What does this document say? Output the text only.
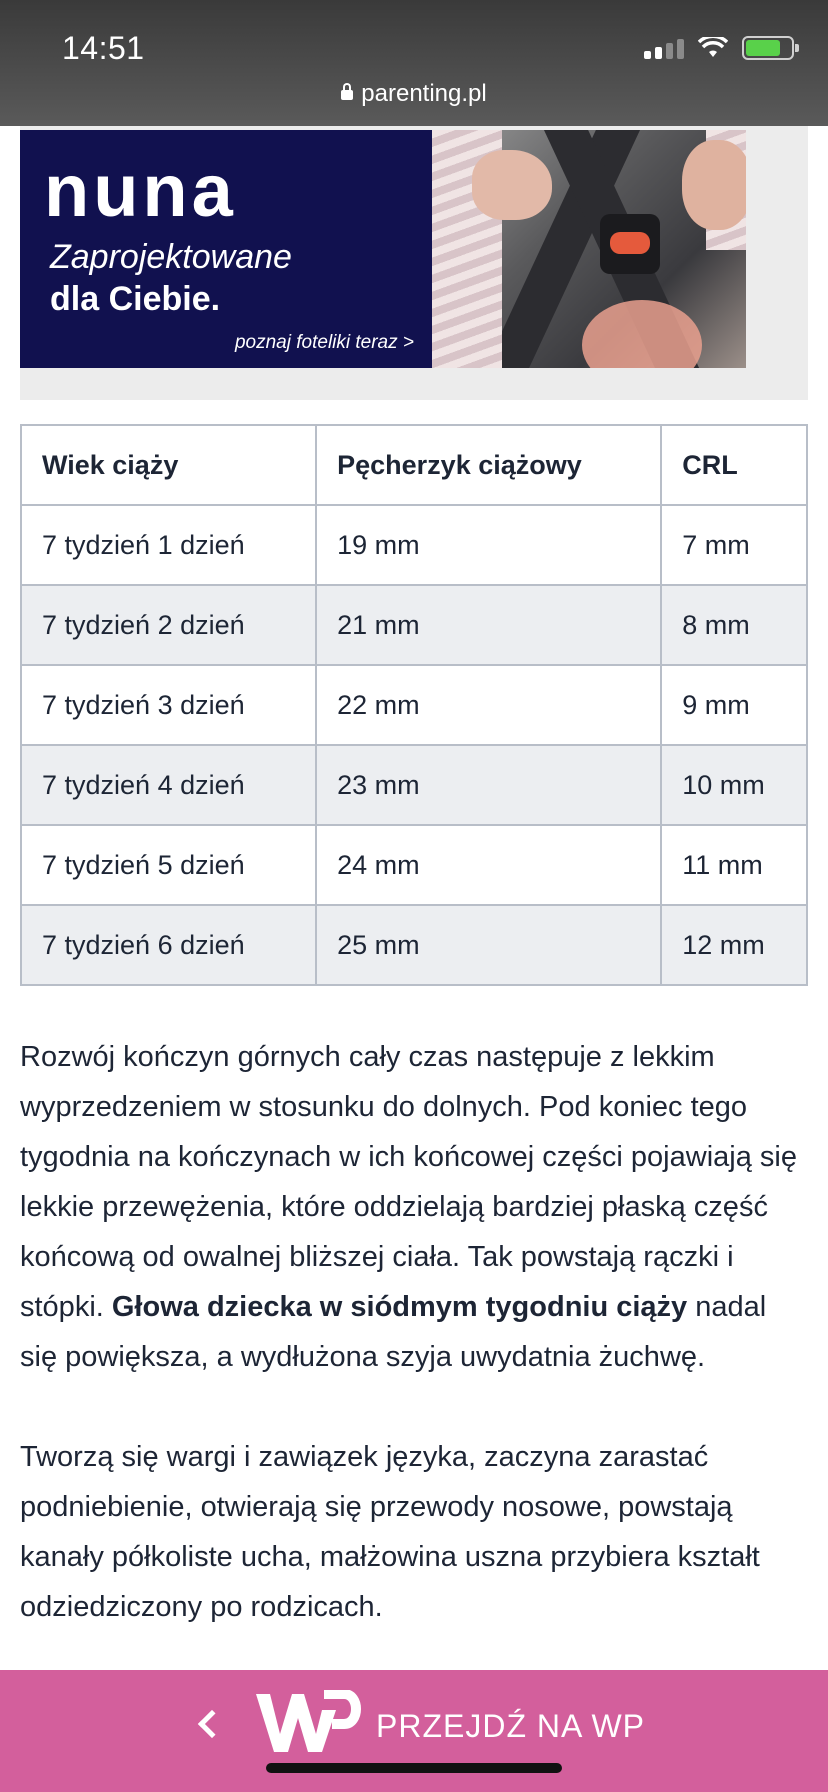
14:51
parenting.pl
nuna
Zaprojektowane
dla Ciebie.
poznaj foteliki teraz >
Wiek ciąży	Pęcherzyk ciążowy	CRL
7 tydzień 1 dzień	19 mm	7 mm
7 tydzień 2 dzień	21 mm	8 mm
7 tydzień 3 dzień	22 mm	9 mm
7 tydzień 4 dzień	23 mm	10 mm
7 tydzień 5 dzień	24 mm	11 mm
7 tydzień 6 dzień	25 mm	12 mm

Rozwój kończyn górnych cały czas następuje z lekkim wyprzedzeniem w stosunku do dolnych. Pod koniec tego tygodnia na kończynach w ich końcowej części pojawiają się lekkie przewężenia, które oddzielają bardziej płaską część końcową od owalnej bliższej ciała. Tak powstają rączki i stópki. Głowa dziecka w siódmym tygodniu ciąży nadal się powiększa, a wydłużona szyja uwydatnia żuchwę.

Tworzą się wargi i zawiązek języka, zaczyna zarastać podniebienie, otwierają się przewody nosowe, powstają kanały półkoliste ucha, małżowina uszna przybiera kształt odziedziczony po rodzicach.

PRZEJDŹ NA WP
